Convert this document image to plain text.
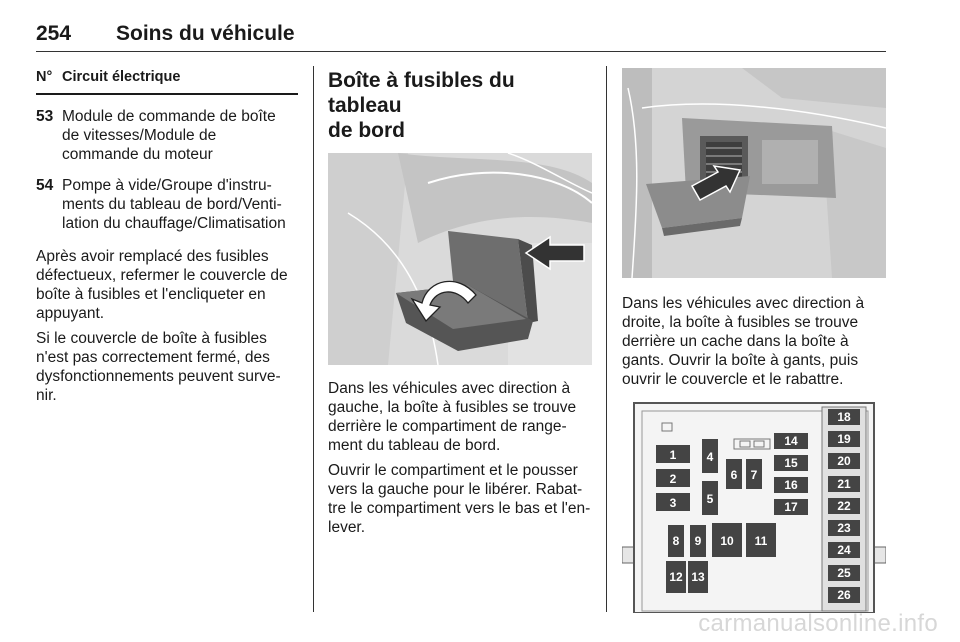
254 Soins du véhicule
N° Circuit électrique
53 Module de commande de boîte
de vitesses/Module de
commande du moteur
54 Pompe à vide/Groupe d'instru-
ments du tableau de bord/Venti-
lation du chauffage/Climatisation

Après avoir remplacé des fusibles
défectueux, refermer le couvercle de
boîte à fusibles et l'encliqueter en
appuyant.

Si le couvercle de boîte à fusibles
n'est pas correctement fermé, des
dysfonctionnements peuvent surve-
nir.

Boîte à fusibles du tableau
de bord

Dans les véhicules avec direction à
gauche, la boîte à fusibles se trouve
derrière le compartiment de range-
ment du tableau de bord.

Ouvrir le compartiment et le pousser
vers la gauche pour le libérer. Rabat-
tre le compartiment vers le bas et l'en-
lever.

Dans les véhicules avec direction à
droite, la boîte à fusibles se trouve
derrière un cache dans la boîte à
gants. Ouvrir la boîte à gants, puis
ouvrir le couvercle et le rabattre.

1
2
3
4
5
6 7
8 9 10 11
12 13
14
15
16
17
18
19
20
21
22
23
24
25
26
carmanualsonline.info
